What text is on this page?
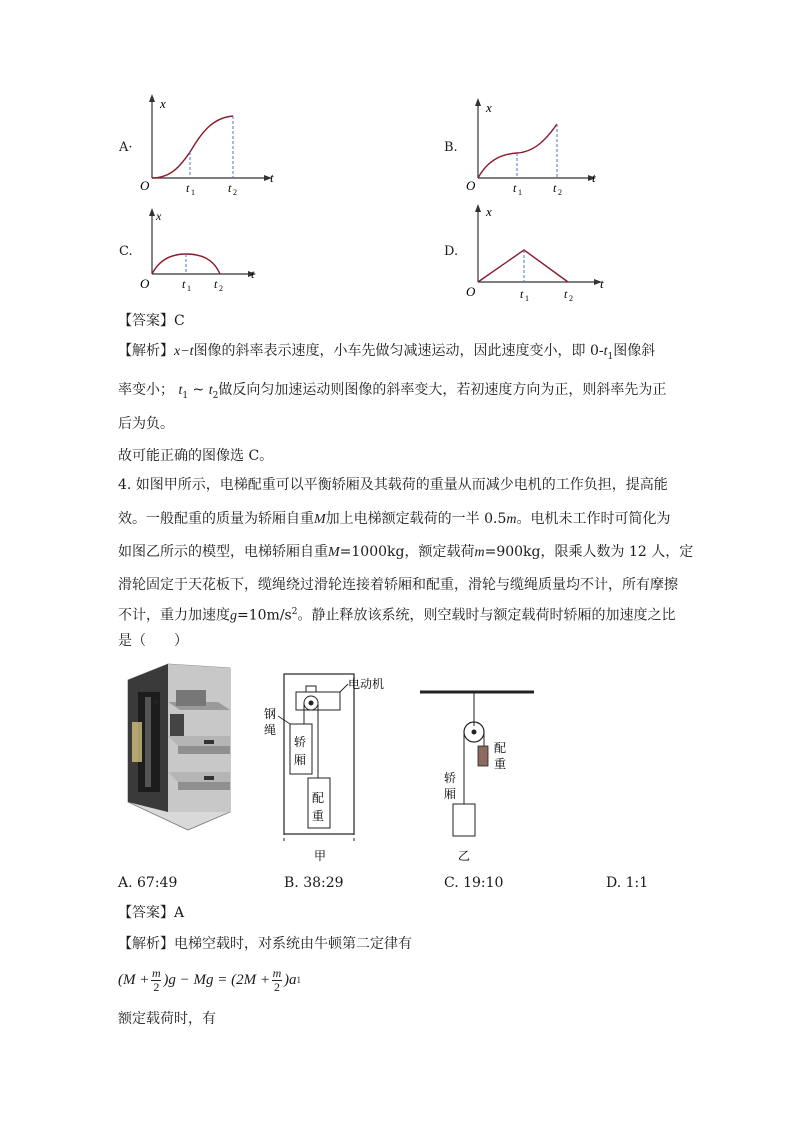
A·
x
t
O	t 1	t 2
B.
x
t
O	t 1	t 2
C.
x
t
O	t 1 t 2
D.
x
t
O	t 1	t 2
【答案】C
【解析】x−t图像的斜率表示速度，小车先做匀减速运动，因此速度变小，即 $0-t_1$图像斜
率变小； $t_1$ ~ $t_2$做反向匀加速运动则图像的斜率变大，若初速度方向为正，则斜率先为正
后为负。
故可能正确的图像选 C。
4. 如图甲所示，电梯配重可以平衡轿厢及其载荷的重量从而减少电机的工作负担，提高能
效。一般配重的质量为轿厢自重M加上电梯额定载荷的一半 0.5m。电机未工作时可简化为
如图乙所示的模型，电梯轿厢自重M=1000kg，额定载荷m=900kg，限乘人数为 12 人，定
滑轮固定于天花板下，缆绳绕过滑轮连接着轿厢和配重，滑轮与缆绳质量均不计，所有摩擦
不计，重力加速度$g=10m/s^2$。静止释放该系统，则空载时与额定载荷时轿厢的加速度之比
是（　　）
电动机
钢
绳
轿
厢
配
重
甲
配
重
轿
厢
乙
A. 67:49	B. 38:29	C. 19:10	D. 1:1
【答案】A
【解析】电梯空载时，对系统由牛顿第二定律有
$(M + \frac{m}{2} )g - Mg = (2M + \frac{m}{2} )a$ 1
额定载荷时，有
